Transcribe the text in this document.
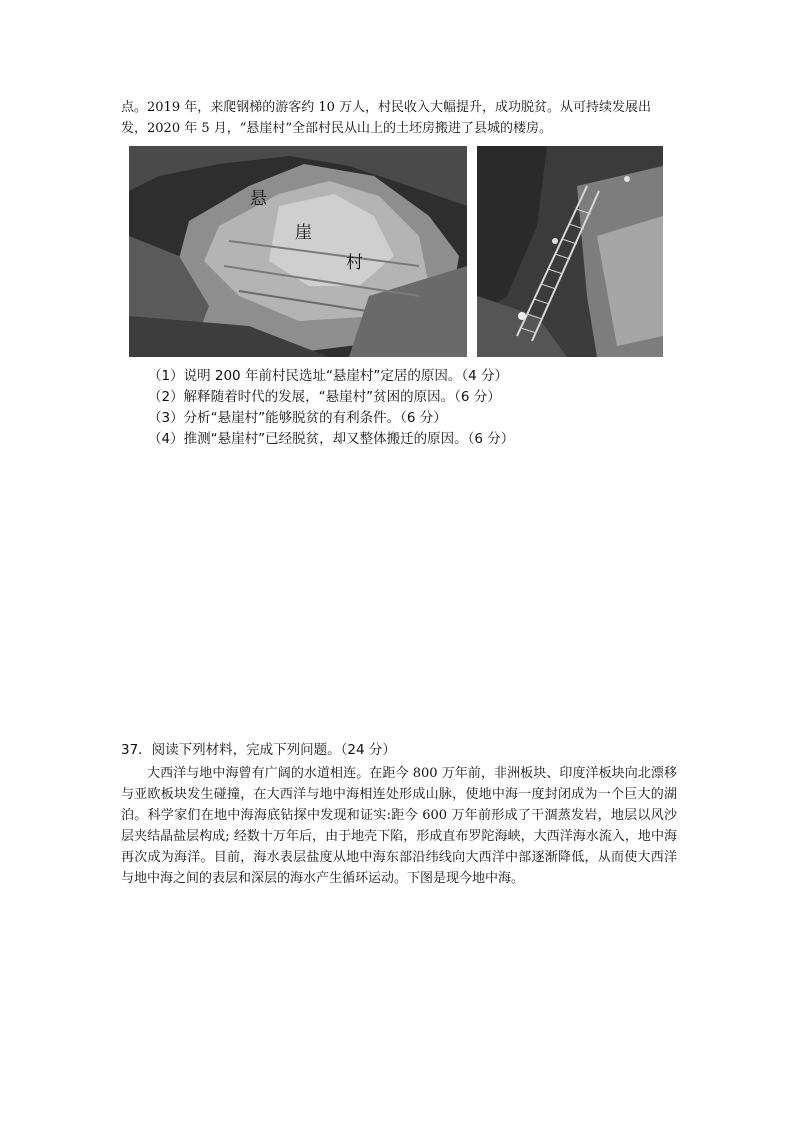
点。2019 年，来爬钢梯的游客约 10 万人，村民收入大幅提升，成功脱贫。从可持续发展出
发，2020 年 5 月，“悬崖村”全部村民从山上的土坯房搬进了县城的楼房。

悬
崖
村

（1）说明 200 年前村民选址“悬崖村”定居的原因。（4 分）

（2）解释随着时代的发展，“悬崖村”贫困的原因。（6 分）

（3）分析“悬崖村”能够脱贫的有利条件。（6 分）

（4）推测“悬崖村”已经脱贫，却又整体搬迁的原因。（6 分）

37．阅读下列材料，完成下列问题。（24 分）

大西洋与地中海曾有广阔的水道相连。在距今 800 万年前，非洲板块、印度洋板块向北漂移与亚欧板块发生碰撞，在大西洋与地中海相连处形成山脉，使地中海一度封闭成为一个巨大的湖泊。科学家们在地中海海底钻探中发现和证实:距今 600 万年前形成了干涸蒸发岩，地层以风沙层夹结晶盐层构成; 经数十万年后，由于地壳下陷，形成直布罗陀海峡，大西洋海水流入，地中海再次成为海洋。目前，海水表层盐度从地中海东部沿纬线向大西洋中部逐渐降低，从而使大西洋与地中海之间的表层和深层的海水产生循环运动。下图是现今地中海。
